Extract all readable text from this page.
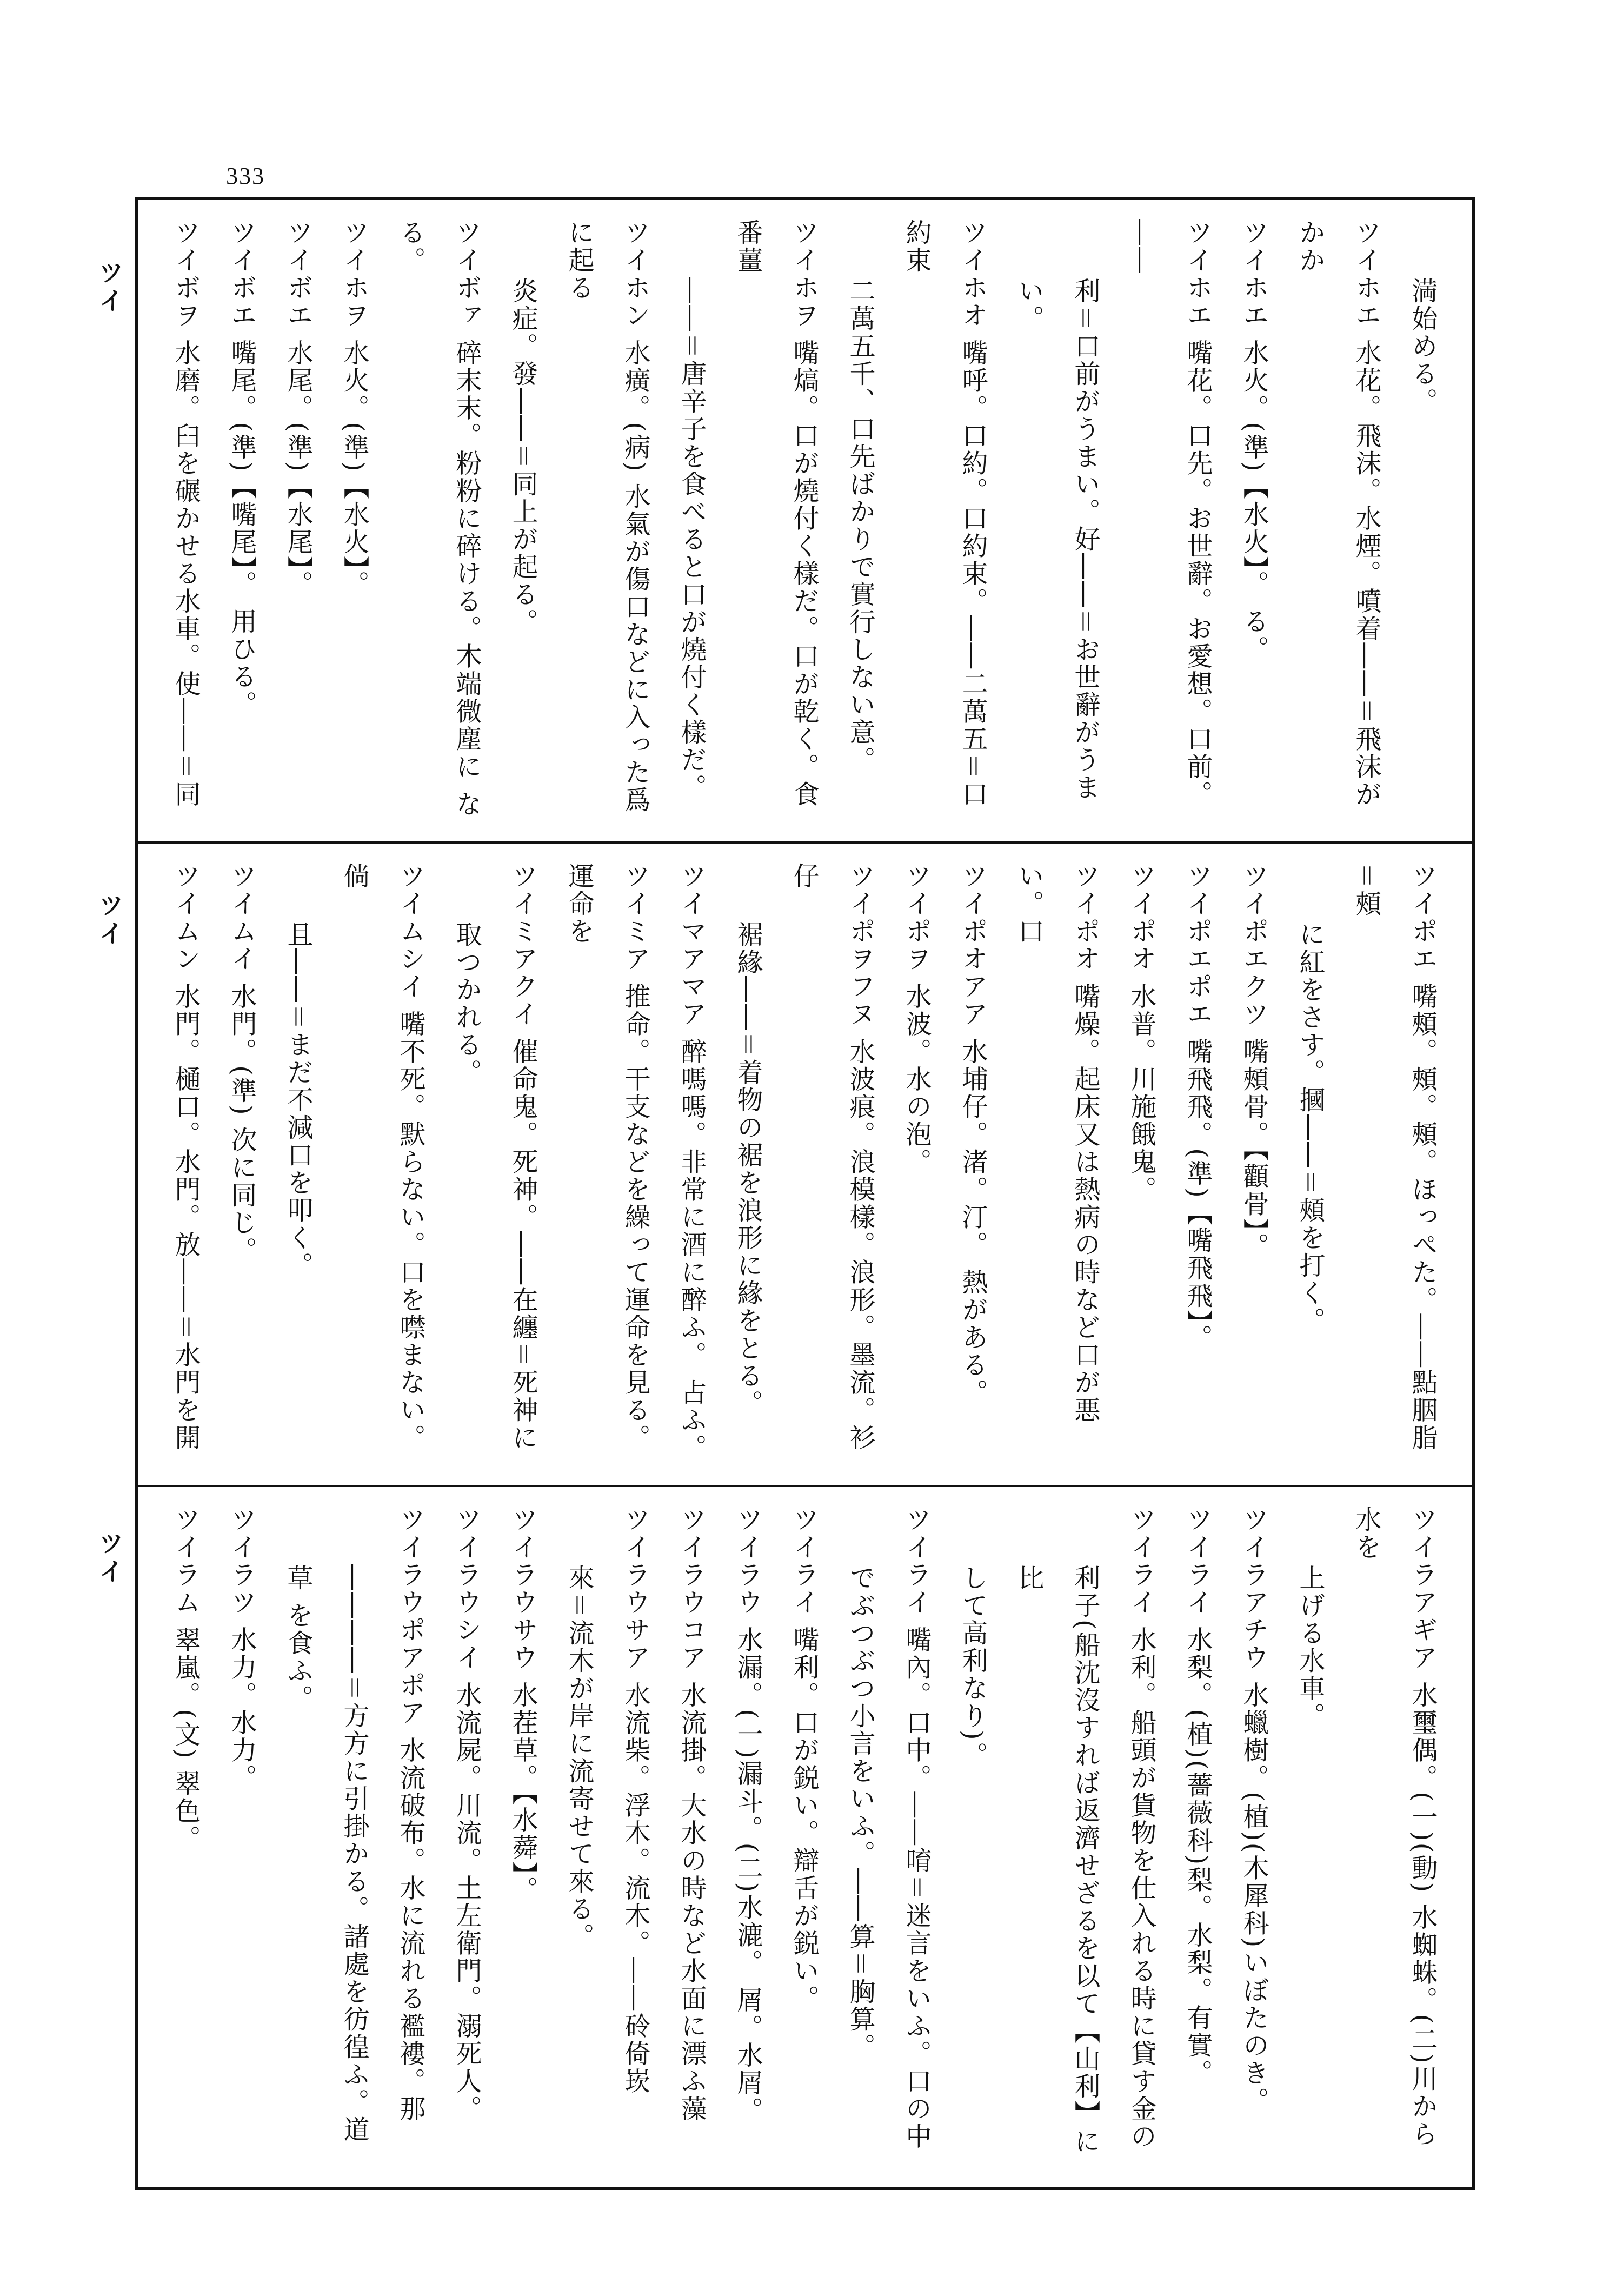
333
ツイ
ツイ
ツイ
満始める。
ツイホエ 水花。飛沫。水煙。噴着――＝飛沫がかか
ツイホエ 水火。(準)【水火】。 る。
ツイホエ 嘴花。口先。お世辭。お愛想。口前。――
利＝口前がうまい。好――＝お世辭がうまい。
ツイホオ 嘴呼。口約。口約束。――二萬五＝口約束
二萬五千、口先ばかりで實行しない意。
ツイホヲ 嘴熇。口が燒付く樣だ。口が乾く。食番薑
――＝唐辛子を食べると口が燒付く樣だ。
ツイホン 水癀。(病) 水氣が傷口などに入った爲に起る
炎症。發――＝同上が起る。
ツイボァ 碎末末。粉粉に碎ける。木端微塵に なる。
ツイホヲ 水火。(準)【水火】。
ツイボエ 水尾。(準)【水尾】。
ツイボエ 嘴尾。(準)【嘴尾】。 用ひる。
ツイボヲ 水磨。臼を碾かせる水車。使――＝同
ツイポエ 嘴頰。頰。頰。ほっぺた。――點胭脂＝頰
に紅をさす。摑――＝頰を打く。
ツイポエクツ 嘴頰骨。【顴骨】。
ツイポエポエ 嘴飛飛。(準)【嘴飛飛】。
ツイポオ 水普。川施餓鬼。
ツイポオ 嘴燥。起床又は熱病の時など口が悪い。口
ツイポオアア 水埔仔。渚。汀。 熱がある。
ツイポヲ 水波。水の泡。
ツイポヲフヌ 水波痕。浪模樣。浪形。墨流。衫仔
裾緣――＝着物の裾を浪形に緣をとる。
ツイマアマア 醉嗎嗎。非常に酒に醉ふ。 占ふ。
ツイミア 推命。干支などを繰って運命を見る。運命を
ツイミアクイ 催命鬼。死神。――在纏＝死神に
取つかれる。
ツイムシイ 嘴不死。默らない。口を噤まない。倘
且――＝まだ不減口を叩く。
ツイムイ 水門。(準) 次に同じ。
ツイムン 水門。樋口。水門。放――＝水門を開
ツイラアギア 水璽偶。(一)(動) 水蜘蛛。(二)川から水を
上げる水車。
ツイラアチウ 水蠟樹。(植)(木犀科)いぼたのき。
ツイライ 水梨。(植)(薔薇科)梨。水梨。有實。
ツイライ 水利。船頭が貨物を仕入れる時に貸す金の
利子(船沈沒すれば返濟せざるを以て【山利】に比
して高利なり)。
ツイライ 嘴內。口中。――唷＝迷言をいふ。口の中
でぶつぶつ小言をいふ。――算＝胸算。
ツイライ 嘴利。口が鋭い。辯舌が鋭い。
ツイラウ 水漏。(一)漏斗。(二)水漉。 屑。水屑。
ツイラウコア 水流掛。大水の時など水面に漂ふ藻
ツイラウサア 水流柴。浮木。流木。――砱倚崁
來＝流木が岸に流寄せて來る。
ツイラウサウ 水茬草。【水蕣】。
ツイラウシイ 水流屍。川流。土左衛門。溺死人。
ツイラウポアポア 水流破布。水に流れる襤褸。那
――――＝方方に引掛かる。諸處を彷徨ふ。道草 を食ふ。
ツイラツ 水力。水力。
ツイラム 翠嵐。(文) 翠色。
